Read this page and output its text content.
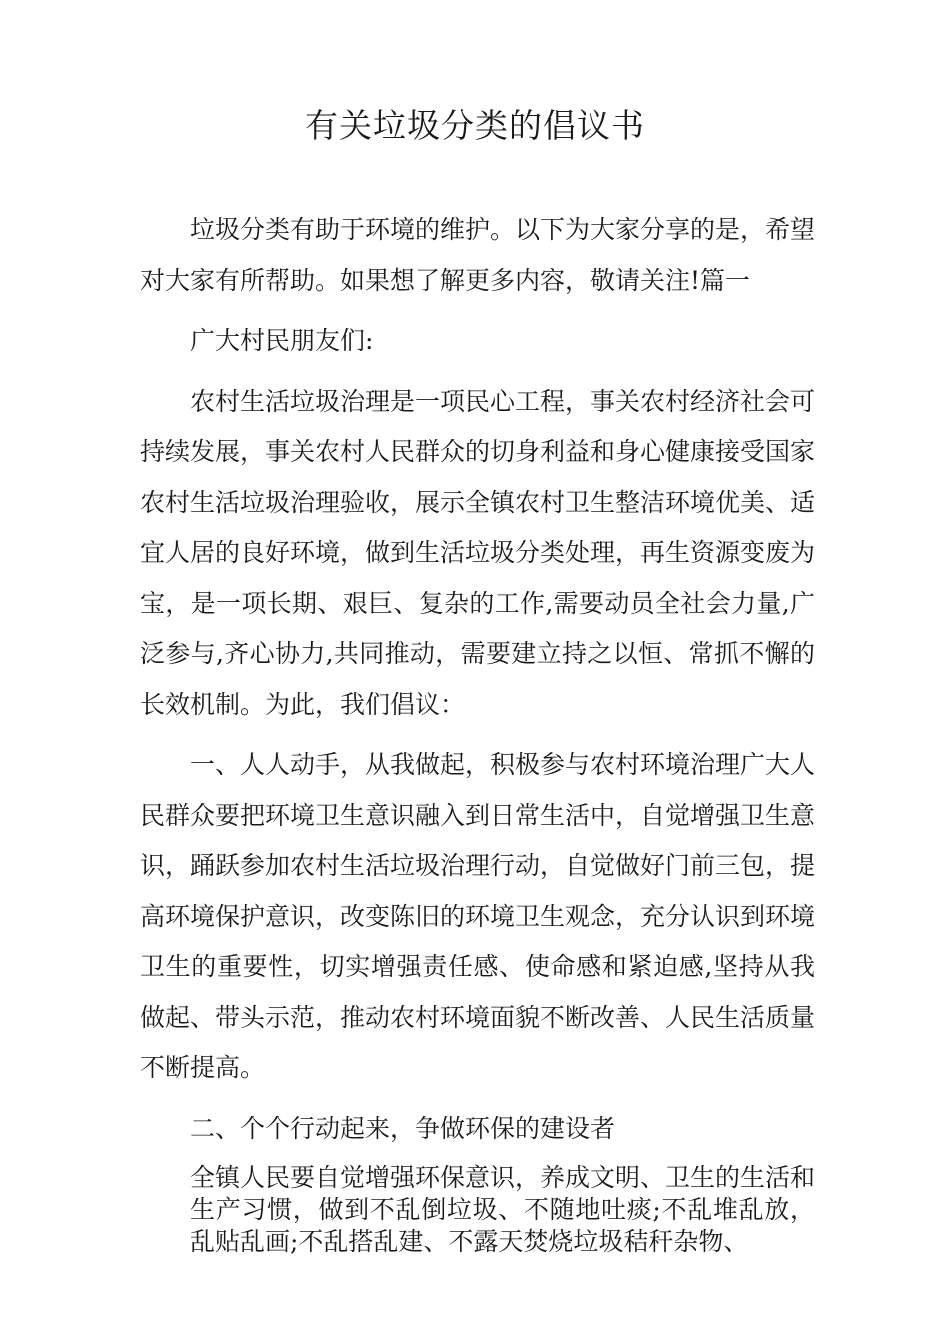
有关垃圾分类的倡议书

垃圾分类有助于环境的维护。以下为大家分享的是，希望对大家有所帮助。如果想了解更多内容，敬请关注!篇一

广大村民朋友们:

农村生活垃圾治理是一项民心工程，事关农村经济社会可持续发展，事关农村人民群众的切身利益和身心健康接受国家农村生活垃圾治理验收，展示全镇农村卫生整洁环境优美、适宜人居的良好环境，做到生活垃圾分类处理，再生资源变废为宝，是一项长期、艰巨、复杂的工作,需要动员全社会力量,广泛参与,齐心协力,共同推动，需要建立持之以恒、常抓不懈的长效机制。为此，我们倡议：

一、人人动手，从我做起，积极参与农村环境治理广大人民群众要把环境卫生意识融入到日常生活中，自觉增强卫生意识，踊跃参加农村生活垃圾治理行动，自觉做好门前三包，提高环境保护意识，改变陈旧的环境卫生观念，充分认识到环境卫生的重要性，切实增强责任感、使命感和紧迫感,坚持从我做起、带头示范，推动农村环境面貌不断改善、人民生活质量不断提高。

二、个个行动起来，争做环保的建设者

全镇人民要自觉增强环保意识，养成文明、卫生的生活和生产习惯，做到不乱倒垃圾、不随地吐痰;不乱堆乱放，乱贴乱画;不乱搭乱建、不露天焚烧垃圾秸秆杂物、
